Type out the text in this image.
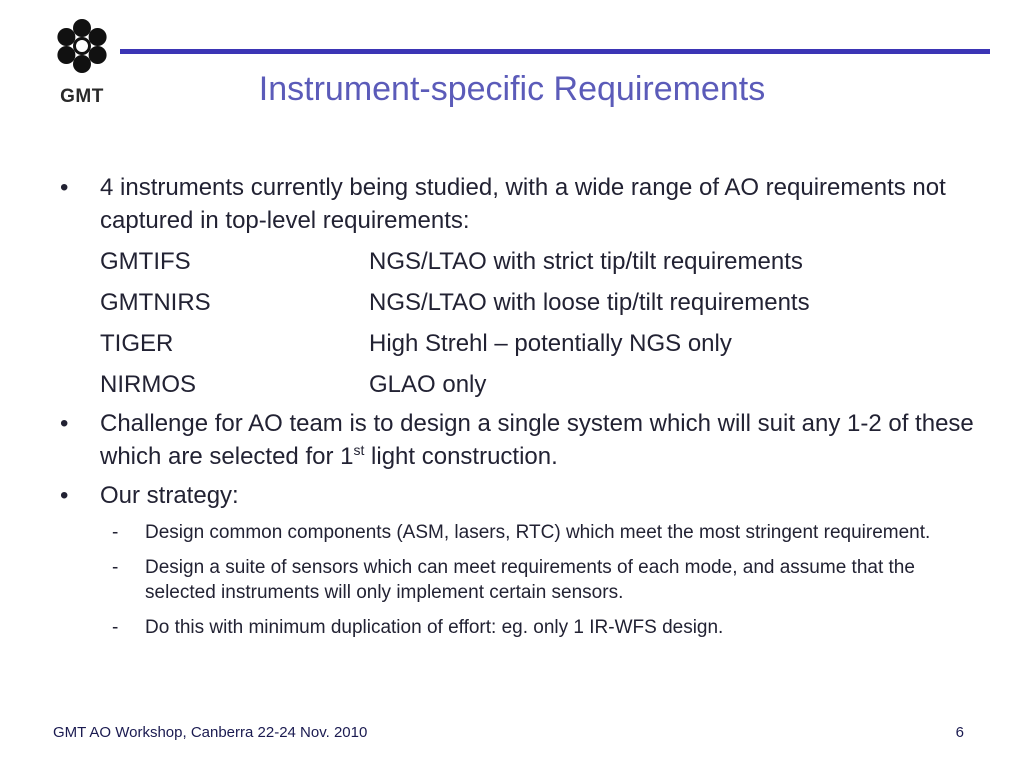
GMT	Instrument-specific Requirements
•	4 instruments currently being studied, with a wide range of AO requirements not captured in top-level requirements:
GMTIFS	NGS/LTAO with strict tip/tilt requirements
GMTNIRS	NGS/LTAO with loose tip/tilt requirements
TIGER	High Strehl – potentially NGS only
NIRMOS	GLAO only
•	Challenge for AO team is to design a single system which will suit any 1-2 of these which are selected for 1st light construction.
•	Our strategy:
-	Design common components (ASM, lasers, RTC) which meet the most stringent requirement.
-	Design a suite of sensors which can meet requirements of each mode, and assume that the selected instruments will only implement certain sensors.
-	Do this with minimum duplication of effort: eg. only 1 IR-WFS design.
GMT AO Workshop, Canberra 22-24 Nov. 2010	6
